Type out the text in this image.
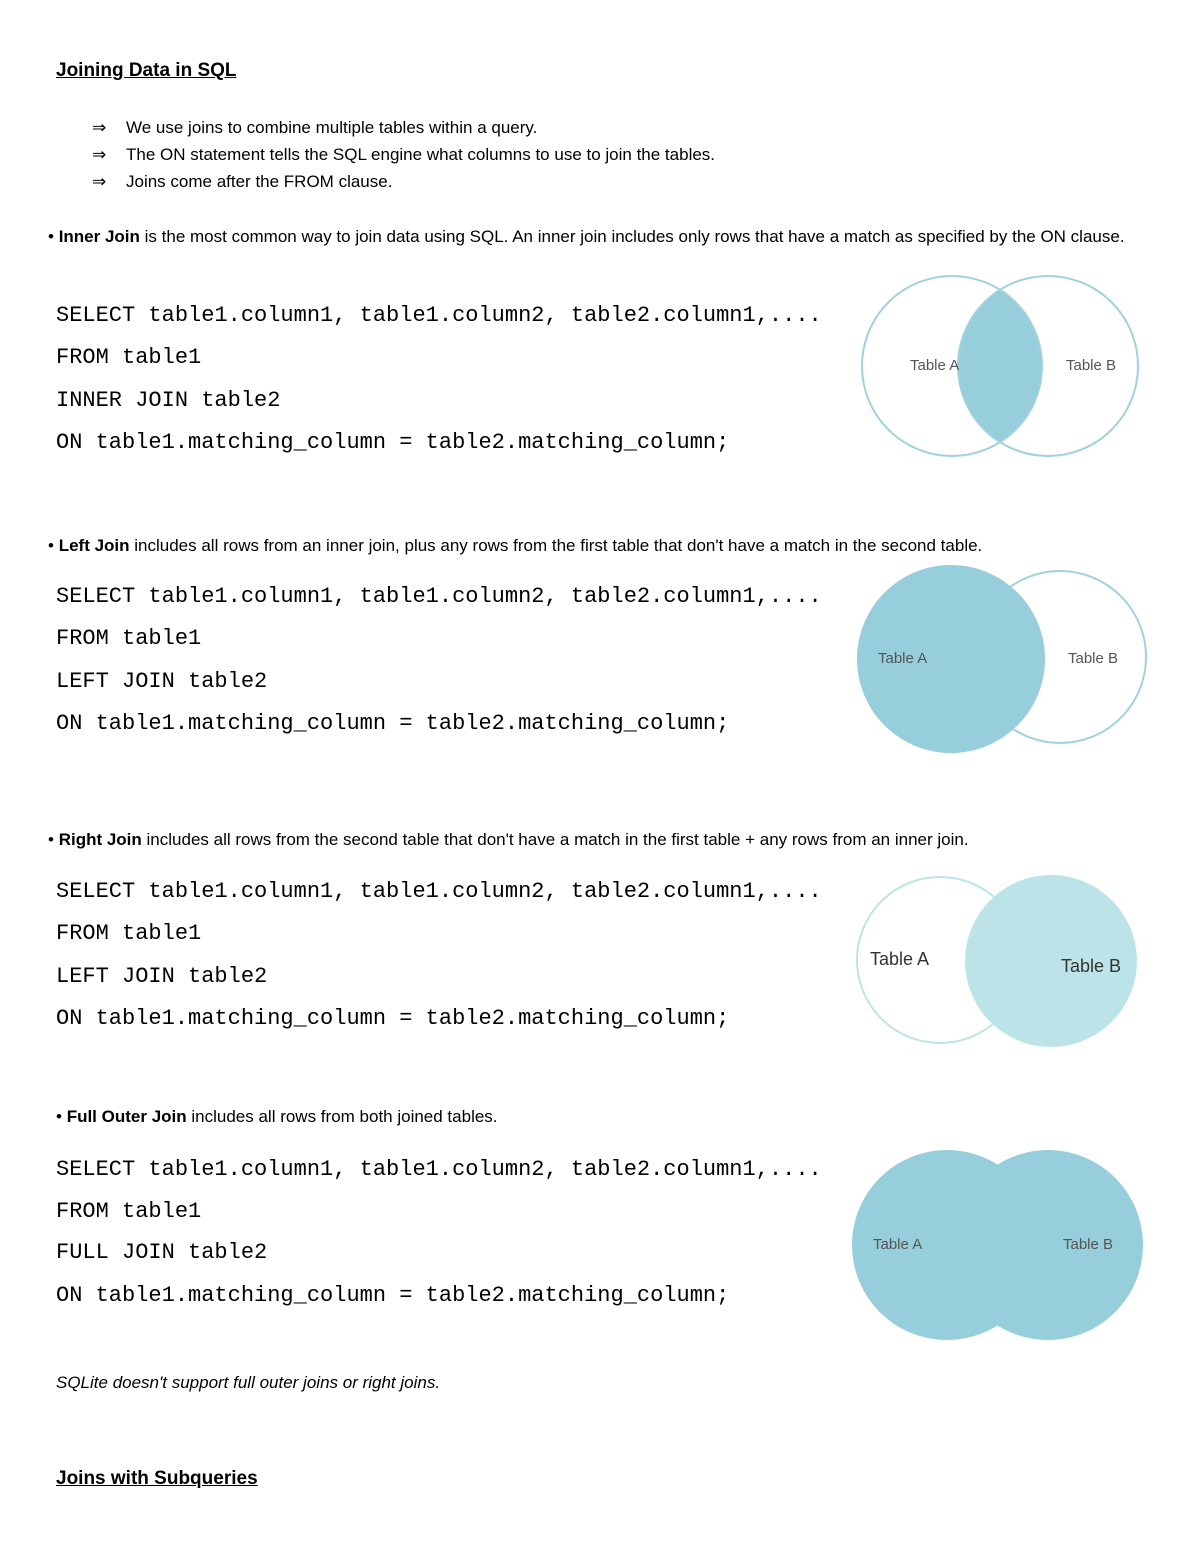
Joining Data in SQL
⇒ We use joins to combine multiple tables within a query.
⇒ The ON statement tells the SQL engine what columns to use to join the tables.
⇒ Joins come after the FROM clause.
• Inner Join is the most common way to join data using SQL. An inner join includes only rows that have a match as specified by the ON clause.
SELECT table1.column1, table1.column2, table2.column1,....
FROM table1
INNER JOIN table2
ON table1.matching_column = table2.matching_column;
Table A	Table B
• Left Join includes all rows from an inner join, plus any rows from the first table that don't have a match in the second table.
SELECT table1.column1, table1.column2, table2.column1,....
FROM table1
LEFT JOIN table2
ON table1.matching_column = table2.matching_column;
Table A	Table B
• Right Join includes all rows from the second table that don't have a match in the first table + any rows from an inner join.
SELECT table1.column1, table1.column2, table2.column1,....
FROM table1
LEFT JOIN table2
ON table1.matching_column = table2.matching_column;
Table A	Table B
• Full Outer Join includes all rows from both joined tables.
SELECT table1.column1, table1.column2, table2.column1,....
FROM table1
FULL JOIN table2
ON table1.matching_column = table2.matching_column;
Table A	Table B
SQLite doesn't support full outer joins or right joins.
Joins with Subqueries
